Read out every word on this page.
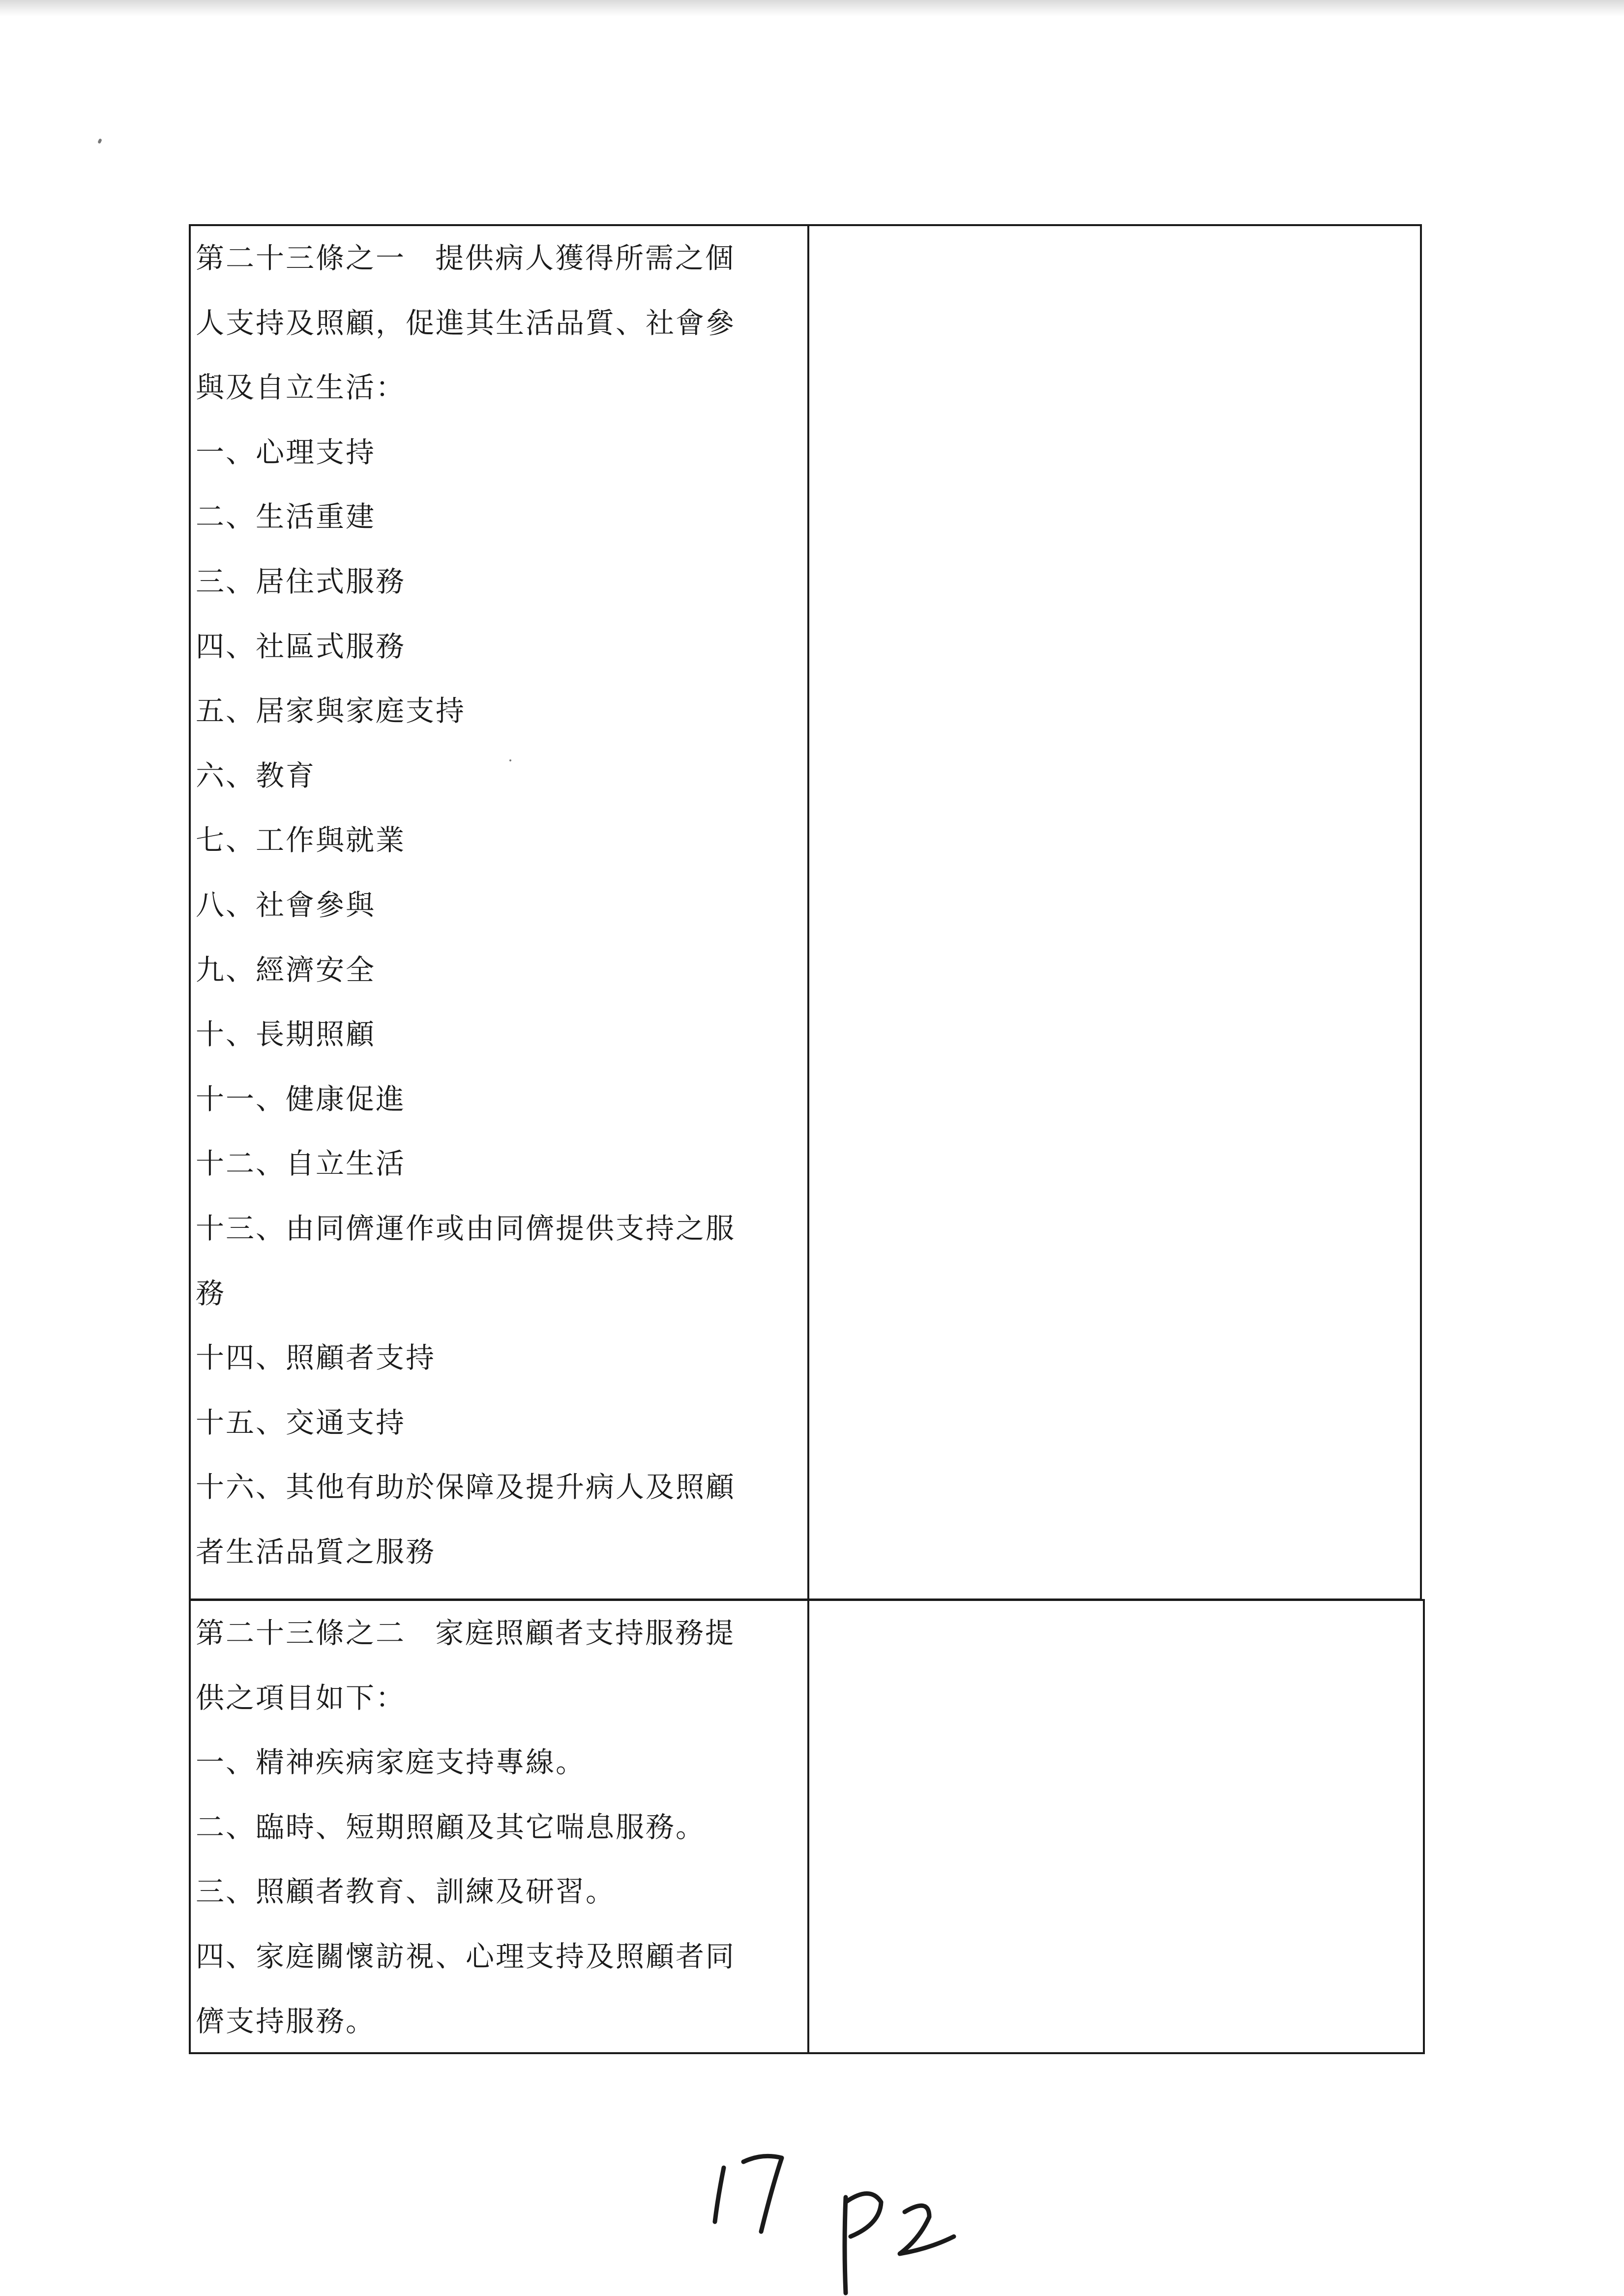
第二十三條之一 提供病人獲得所需之個
人支持及照顧，促進其生活品質、社會參
與及自立生活：
一、心理支持
二、生活重建
三、居住式服務
四、社區式服務
五、居家與家庭支持
六、教育
七、工作與就業
八、社會參與
九、經濟安全
十、長期照顧
十一、健康促進
十二、自立生活
十三、由同儕運作或由同儕提供支持之服
務
十四、照顧者支持
十五、交通支持
十六、其他有助於保障及提升病人及照顧
者生活品質之服務
第二十三條之二 家庭照顧者支持服務提
供之項目如下：
一、精神疾病家庭支持專線。
二、臨時、短期照顧及其它喘息服務。
三、照顧者教育、訓練及研習。
四、家庭關懷訪視、心理支持及照顧者同
儕支持服務。
